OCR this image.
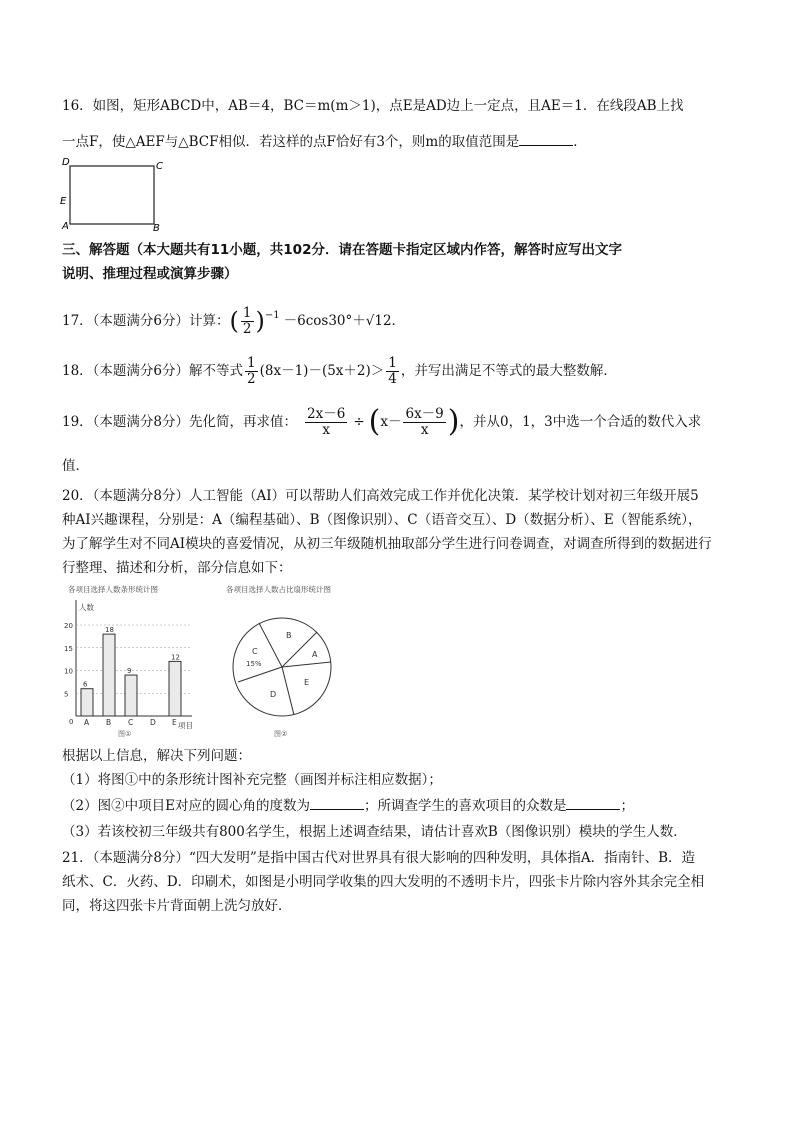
16．如图，矩形ABCD中，AB＝4，BC＝m(m＞1)，点E是AD边上一定点，且AE＝1．在线段AB上找
一点F，使△AEF与△BCF相似．若这样的点F恰好有3个，则m的取值范围是	．
D	C
E
A	B
三、解答题（本大题共有11小题，共102分．请在答题卡指定区域内作答，解答时应写出文字
说明、推理过程或演算步骤）
17．（本题满分6分）计算： ( $\frac{1}{2} )^{-1} -6\cos 30^\circ+√12$．
18．（本题满分6分）解不等式 $\frac{1}{2} (8x-1)-(5x+2)> \frac{1}{4}$ ，并写出满足不等式的最大整数解．
19．（本题满分8分）先化简，再求值： $\frac{2x-6}{x}$ ÷ ( $x- \frac{6x-9}{x}$ ) ，并从0，1，3中选一个合适的数代入求
值．
20．（本题满分8分）人工智能（AI）可以帮助人们高效完成工作并优化决策．某学校计划对初三年级开展5
种AI兴趣课程，分别是：A（编程基础）、B（图像识别）、C（语音交互）、D（数据分析）、E（智能系统），
为了解学生对不同AI模块的喜爱情况，从初三年级随机抽取部分学生进行问卷调查，对调查所得到的数据进行
行整理、描述和分析，部分信息如下：
各项目选择人数条形统计图
人数
项目
0
图①
5
10
15
20
A
6
B
18
C
9
D E
12
各项目选择人数占比扇形统计图
B
A
E
D
C
15%
图②
根据以上信息，解决下列问题：
（1）将图①中的条形统计图补充完整（画图并标注相应数据）；
（2）图②中项目E对应的圆心角的度数为	；所调查学生的喜欢项目的众数是	；
（3）若该校初三年级共有800名学生，根据上述调查结果，请估计喜欢B（图像识别）模块的学生人数．
21．（本题满分8分）“四大发明”是指中国古代对世界具有很大影响的四种发明，具体指A．指南针、B．造
纸术、C．火药、D．印刷术，如图是小明同学收集的四大发明的不透明卡片，四张卡片除内容外其余完全相
同，将这四张卡片背面朝上洗匀放好．
